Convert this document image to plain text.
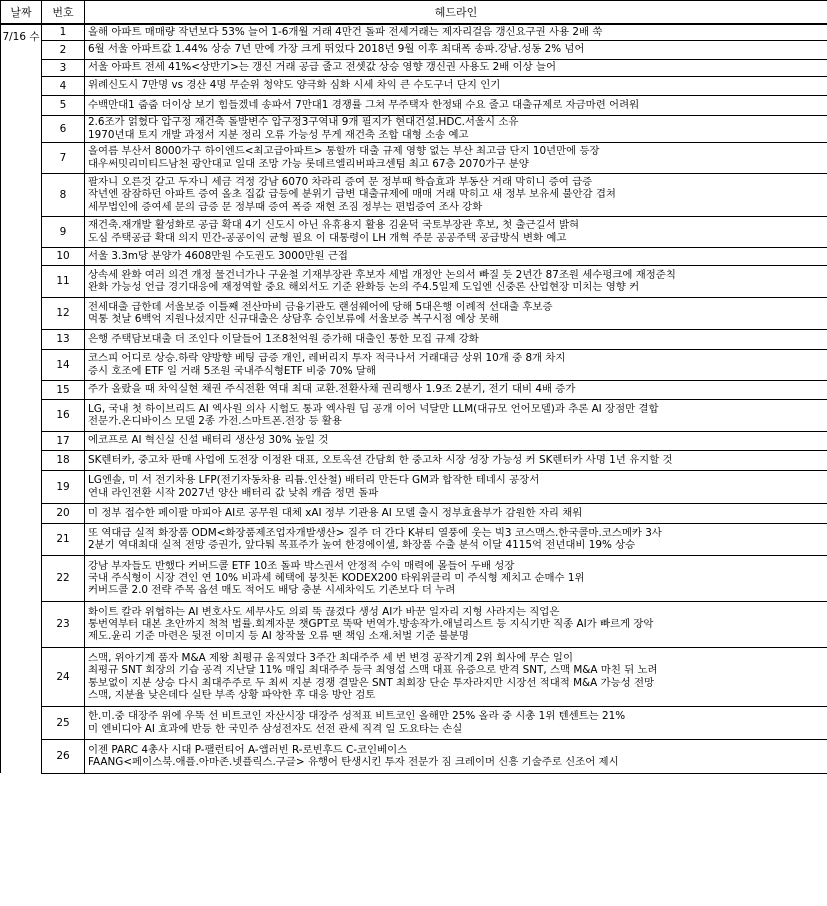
날짜	번호	헤드라인
7/16 수	1	올해 아파트 매매량 작년보다 53% 늘어 1-6개월 거래 4만건 돌파 전세거래는 제자리걸음 갱신요구권 사용 2배 쑥

	2	6월 서울 아파트값 1.44% 상승 7년 만에 가장 크게 뛰었다 2018년 9월 이후 최대폭 송파.강남.성동 2% 넘어

	3	서울 아파트 전세 41%<상반기>는 갱신 거래 공급 줄고 전셋값 상승 영향 갱신권 사용도 2배 이상 늘어

	4	위례신도시 7만명 vs 경산 4명 무순위 청약도 양극화 심화 시세 차익 큰 수도구너 단지 인기

	5	수백만대1 줍줍 더이상 보기 힘들겠네 송파서 7만대1 경쟁률 그쳐 무주택자 한정돼 수요 줄고 대출규제로 자금마련 어려워

	6	2.6조가 얽혔다 압구정 재건축 돌발변수 압구정3구역내 9개 필지가 현대건설.HDC.서울시 소유
1970년대 토지 개발 과정서 지분 정리 오류 가능성 무게 재건축 조합 대형 소송 예고

	7	올여름 부산서 8000가구 하이엔드<최고급아파트> 통할까 대출 규제 영향 없는 부산 최고급 단지 10년만에 등장
대우써밋리미티드남천 광안대교 일대 조망 가능 롯데르엘리버파크센텀 최고 67층 2070가구 분양

	8	팔자니 오른것 같고 두자니 세금 걱정 강남 6070 차라리 증여 문 정부때 학습효과 부동산 거래 막히니 증여 급증
작년엔 잠잠하던 아파트 증여 올초 집값 급등에 분위기 급변 대출규제에 매매 거래 막히고 새 정부 보유세 불안감 겹쳐
세무법인에 증여세 문의 급증 문 정부때 증여 폭증 재현 조짐 정부는 편법증여 조사 강화

	9	재건축.재개발 활성화로 공급 확대 4기 신도시 아닌 유휴용지 활용 김윤덕 국토부장관 후보, 첫 출근길서 밝혀
도심 주택공급 확대 의지 민간-공공이익 균형 필요 이 대통령이 LH 개혁 주문 공공주택 공급방식 변화 예고

	10	서울 3.3m당 분양가 4608만원 수도권도 3000만원 근접

	11	상속세 완화 여러 의견 개정 물건너가나 구윤철 기재부장관 후보자 세법 개정안 논의서 빠질 듯 2년간 87조원 세수펑크에 재정준칙
완화 가능성 언급 경기대응에 재정역할 중요 해외서도 기준 완화등 논의 주4.5일제 도입엔 신중론 산업현장 미치는 영향 커

	12	전세대출 급한데 서울보증 이틀째 전산마비 금융기관도 랜섬웨어에 당해 5대은행 이례적 선대출 후보증
먹통 첫날 6백억 지원나섰지만 신규대출은 상담후 승인보류에 서울보증 복구시점 예상 못해

	13	은행 주택담보대출 더 조인다 이달들어 1조8천억원 증가해 대출인 통한 모집 규제 강화

	14	코스피 어디로 상승.하락 양방향 베팅 급증 개인, 레버리지 투자 적극나서 거래대금 상위 10개 중 8개 차지
증시 호조에 ETF 일 거래 5조원 국내주식형ETF 비중 70% 달해

	15	주가 올랐을 때 차익실현 채권 주식전환 역대 최대 교환.전환사채 권리행사 1.9조 2분기, 전기 대비 4배 증가

	16	LG, 국내 첫 하이브리드 AI 엑사원 의사 시험도 통과 엑사원 딥 공개 이어 넉달만 LLM(대규모 언어모델)과 추론 AI 장점만 결합
전문가.온디바이스 모델 2종 가전.스마트폰.전장 등 활용

	17	에코프로 AI 혁신실 신설 배터리 생산성 30% 높일 것

	18	SK렌터카, 중고차 판매 사업에 도전장 이정완 대표, 오토옥션 간담회 한 중고차 시장 성장 가능성 커 SK렌터카 사명 1년 유지할 것

	19	LG엔솔, 미 서 전기차용 LFP(전기자동차용 리튬.인산철) 배터리 만든다 GM과 합작한 테네시 공장서
연내 라인전환 시작 2027년 양산 배터리 값 낮춰 캐즘 정면 돌파

	20	미 정부 접수한 페이팔 마피아 AI로 공무원 대체 xAI 정부 기관용 AI 모델 출시 정부효율부가 감원한 자리 채워

	21	또 역대급 실적 화장품 ODM<화장품제조업자개발생산> 질주 더 간다 K뷰티 열풍에 웃는 빅3 코스맥스.한국콜마.코스메카 3사
2분기 역대최대 실적 전망 증권가, 앞다퉈 목표주가 높여 한경에이셀, 화장품 수출 분석 이달 4115억 전년대비 19% 상승

	22	강남 부자들도 반했다 커버드콜 ETF 10조 돌파 박스권서 안정적 수익 매력에 몰들어 두배 성장
국내 주식형이 시장 견인 연 10% 비과세 혜택에 뭉칫돈 KODEX200 타워위클리 미 주식형 제치고 순매수 1위
커버드콜 2.0 전략 주목 옵션 매도 적어도 배당 충분 시세차익도 기존보다 더 누려

	23	화이트 칼라 위협하는 AI 변호사도 세무사도 의뢰 뚝 끊겼다 생성 AI가 바꾼 일자리 지형 사라지는 직업은
통번역부터 대본 초안까지 척척 법률.회계자문 챗GPT로 뚝딱 번역가.방송작가.애널리스트 등 지식기반 직종 AI가 빠르게 장악
제도.윤리 기준 마련은 뒷전 이미지 등 AI 창작물 오류 땐 책임 소재.처벌 기준 불분명

	24	스맥, 위아기계 품자 M&A 제왕 최평규 움직였다 3주간 최대주주 세 번 변경 공작기계 2위 회사에 무슨 일이
최평규 SNT 회장의 기습 공격 지난달 11% 매입 최대주주 등극 최영섭 스맥 대표 유증으로 반격 SNT, 스맥 M&A 마친 뒤 노려
통보없이 지분 상승 다시 최대주주로 두 최씨 지분 경쟁 결말은 SNT 최회장 단순 투자라지만 시장선 적대적 M&A 가능성 전망
스맥, 지분율 낮은데다 실탄 부족 상황 파악한 후 대응 방안 검토

	25	한.미.중 대장주 위에 우뚝 선 비트코인 자산시장 대장주 성적표 비트코인 올해만 25% 올라 중 시총 1위 텐센트는 21%
미 엔비디아 AI 효과에 반등 한 국민주 삼성전자도 선전 관세 직격 일 도요타는 손실

	26	이젠 PARC 4총사 시대 P-팰런티어 A-앱러빈 R-로빈후드 C-코인베이스
FAANG<페이스북.애플.아마존.넷플릭스.구글> 유행어 탄생시킨 투자 전문가 짐 크레이머 신흥 기술주로 신조어 제시
